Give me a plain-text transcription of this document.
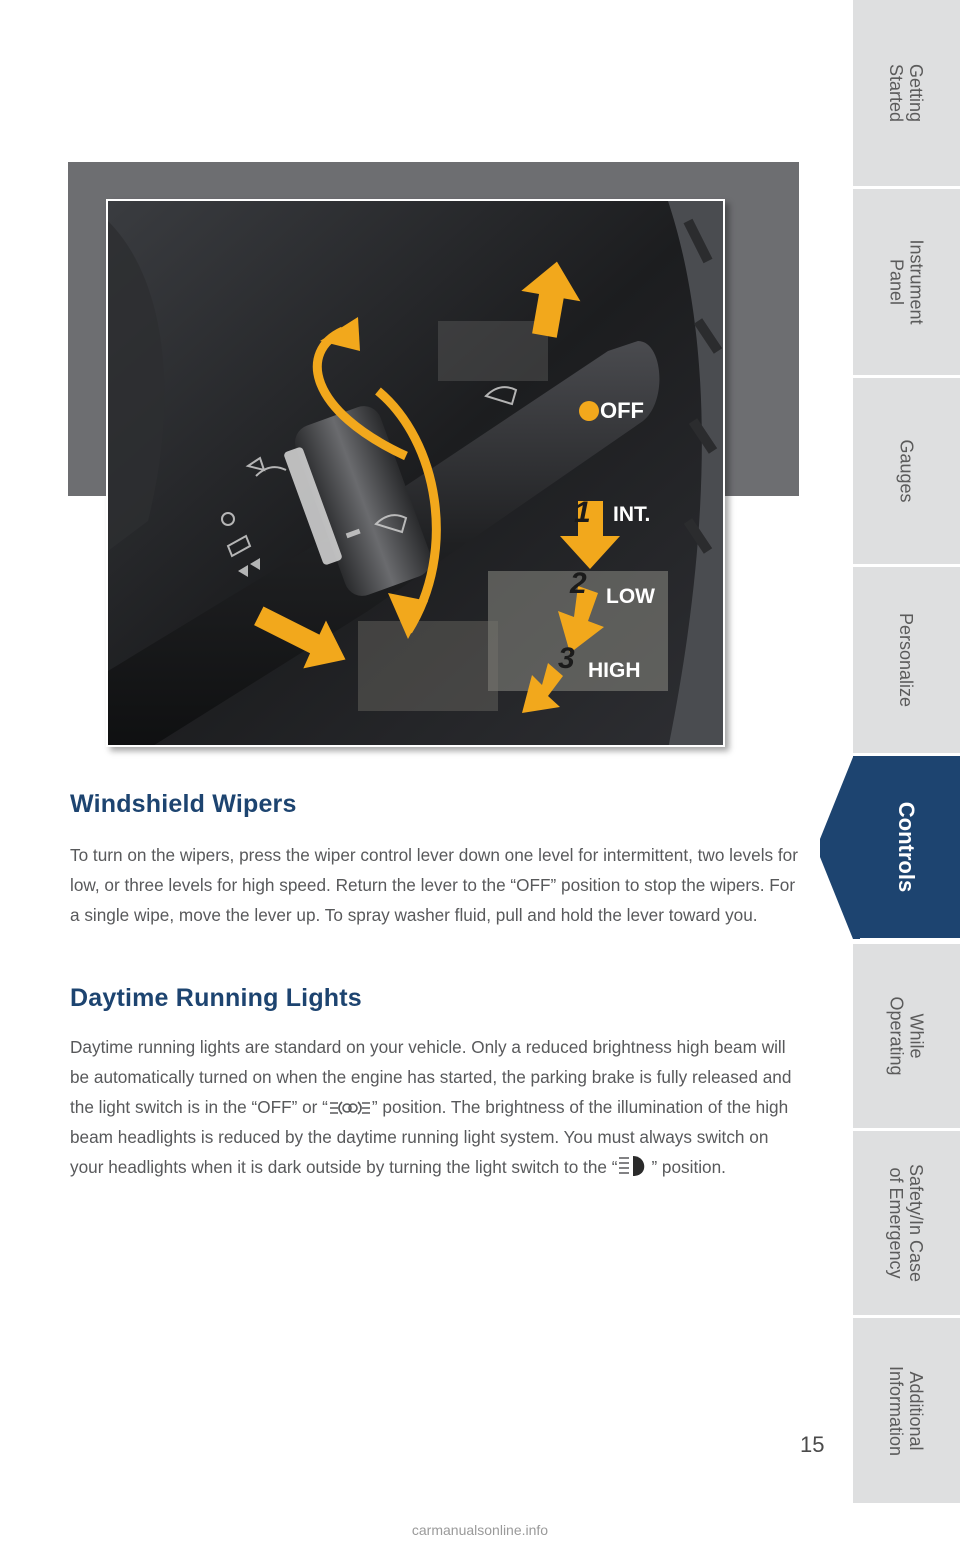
Getting
Started
Instrument
Panel
Gauges
Personalize
Controls
While
Operating
Safety/In Case
of Emergency
Additional
Information
OFF
INT.
LOW
HIGH
1
2
3
Windshield Wipers

To turn on the wipers, press the wiper control lever down one level for intermittent, two levels for low, or three levels for high speed. Return the lever to the “OFF” position to stop the wipers. For a single wipe, move the lever up. To spray washer fluid, pull and hold the lever toward you.

Daytime Running Lights

Daytime running lights are standard on your vehicle. Only a reduced brightness high beam will be automatically turned on when the engine has started, the parking brake is fully released and the light switch is in the “OFF” or “	” position. The brightness of the illumination of the high beam headlights is reduced by the daytime running light system. You must always switch on your headlights when it is dark outside by turning the light switch to the “ ” position.

15
carmanualsonline.info
